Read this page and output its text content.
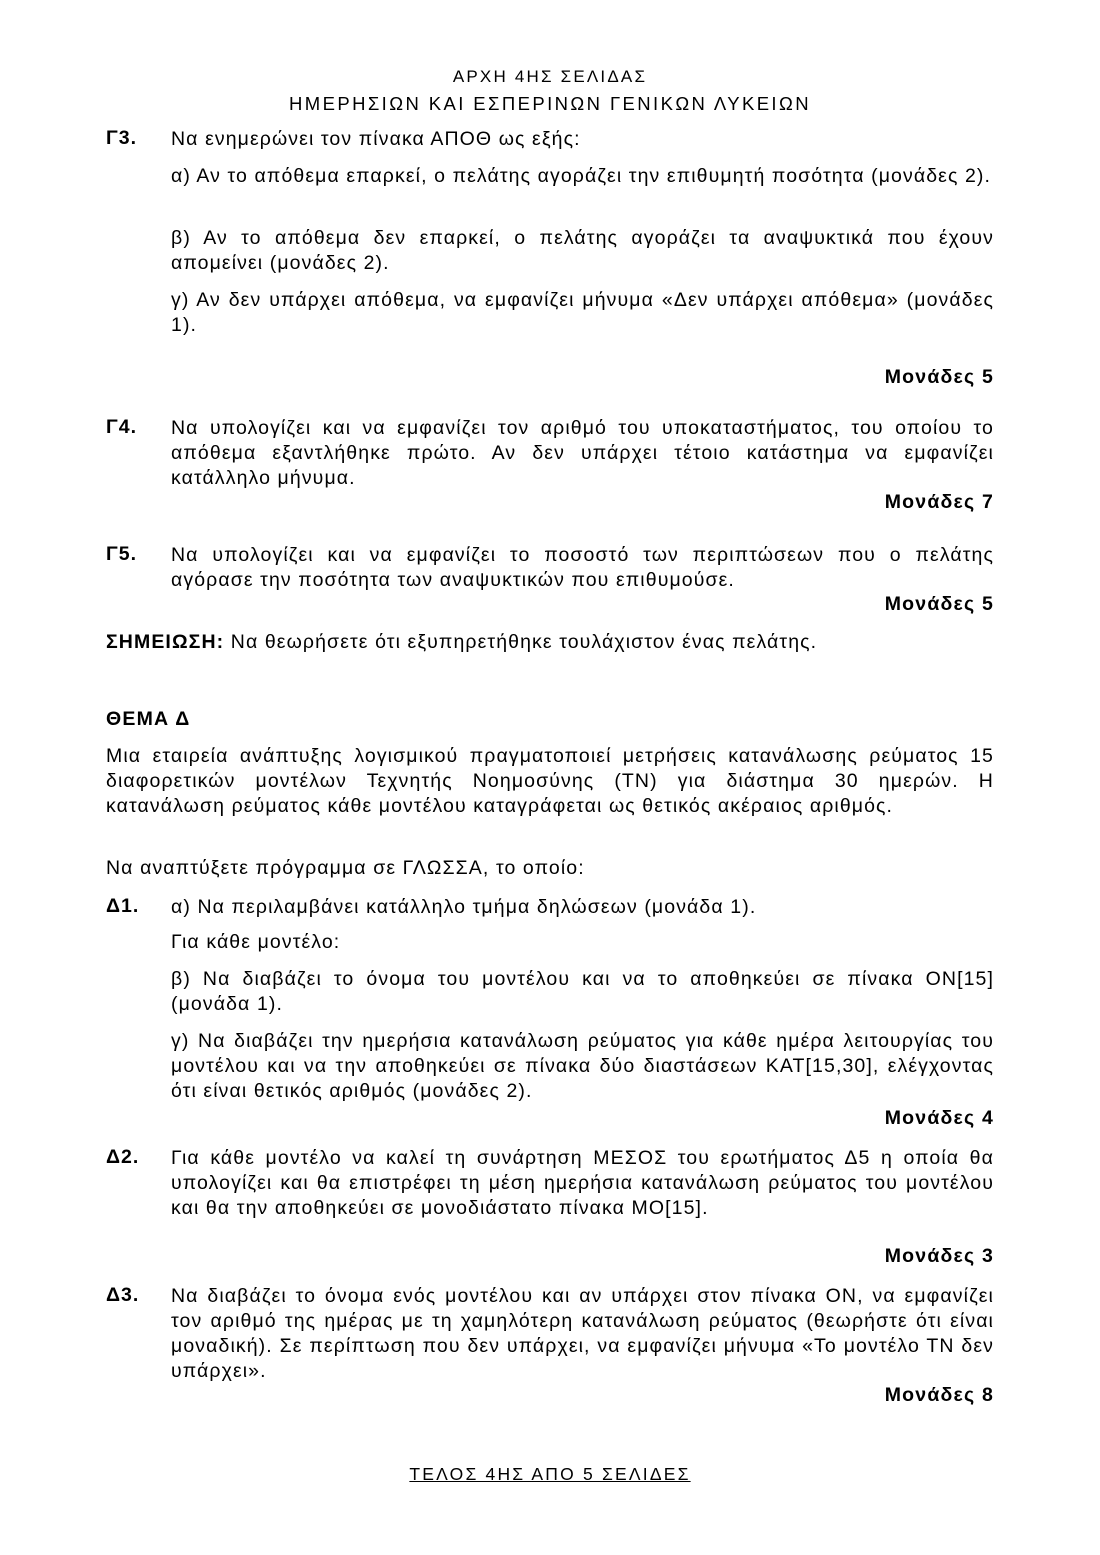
ΑΡΧΗ 4ΗΣ ΣΕΛΙΔΑΣ
ΗΜΕΡΗΣΙΩΝ ΚΑΙ ΕΣΠΕΡΙΝΩΝ ΓΕΝΙΚΩΝ ΛΥΚΕΙΩΝ
Γ3. Να ενημερώνει τον πίνακα ΑΠΟΘ ως εξής:
α) Αν το απόθεμα επαρκεί, ο πελάτης αγοράζει την επιθυμητή ποσότητα (μονάδες 2).
β) Αν το απόθεμα δεν επαρκεί, ο πελάτης αγοράζει τα αναψυκτικά που έχουν απομείνει (μονάδες 2).
γ) Αν δεν υπάρχει απόθεμα, να εμφανίζει μήνυμα «Δεν υπάρχει απόθεμα» (μονάδες 1).
Μονάδες 5
Γ4. Να υπολογίζει και να εμφανίζει τον αριθμό του υποκαταστήματος, του οποίου το απόθεμα εξαντλήθηκε πρώτο. Αν δεν υπάρχει τέτοιο κατάστημα να εμφανίζει κατάλληλο μήνυμα.
Μονάδες 7
Γ5. Να υπολογίζει και να εμφανίζει το ποσοστό των περιπτώσεων που ο πελάτης αγόρασε την ποσότητα των αναψυκτικών που επιθυμούσε.
Μονάδες 5
ΣΗΜΕΙΩΣΗ: Να θεωρήσετε ότι εξυπηρετήθηκε τουλάχιστον ένας πελάτης.
ΘΕΜΑ Δ
Μια εταιρεία ανάπτυξης λογισμικού πραγματοποιεί μετρήσεις κατανάλωσης ρεύματος 15 διαφορετικών μοντέλων Τεχνητής Νοημοσύνης (ΤΝ) για διάστημα 30 ημερών. Η κατανάλωση ρεύματος κάθε μοντέλου καταγράφεται ως θετικός ακέραιος αριθμός.
Να αναπτύξετε πρόγραμμα σε ΓΛΩΣΣΑ, το οποίο:
Δ1. α) Να περιλαμβάνει κατάλληλο τμήμα δηλώσεων (μονάδα 1).
Για κάθε μοντέλο:
β) Να διαβάζει το όνομα του μοντέλου και να το αποθηκεύει σε πίνακα ΟΝ[15] (μονάδα 1).
γ) Να διαβάζει την ημερήσια κατανάλωση ρεύματος για κάθε ημέρα λειτουργίας του μοντέλου και να την αποθηκεύει σε πίνακα δύο διαστάσεων ΚΑΤ[15,30], ελέγχοντας ότι είναι θετικός αριθμός (μονάδες 2).
Μονάδες 4
Δ2. Για κάθε μοντέλο να καλεί τη συνάρτηση ΜΕΣΟΣ του ερωτήματος Δ5 η οποία θα υπολογίζει και θα επιστρέφει τη μέση ημερήσια κατανάλωση ρεύματος του μοντέλου και θα την αποθηκεύει σε μονοδιάστατο πίνακα ΜΟ[15].
Μονάδες 3
Δ3. Να διαβάζει το όνομα ενός μοντέλου και αν υπάρχει στον πίνακα ΟΝ, να εμφανίζει τον αριθμό της ημέρας με τη χαμηλότερη κατανάλωση ρεύματος (θεωρήστε ότι είναι μοναδική). Σε περίπτωση που δεν υπάρχει, να εμφανίζει μήνυμα «Το μοντέλο ΤΝ δεν υπάρχει».
Μονάδες 8
ΤΕΛΟΣ 4ΗΣ ΑΠΟ 5 ΣΕΛΙΔΕΣ
